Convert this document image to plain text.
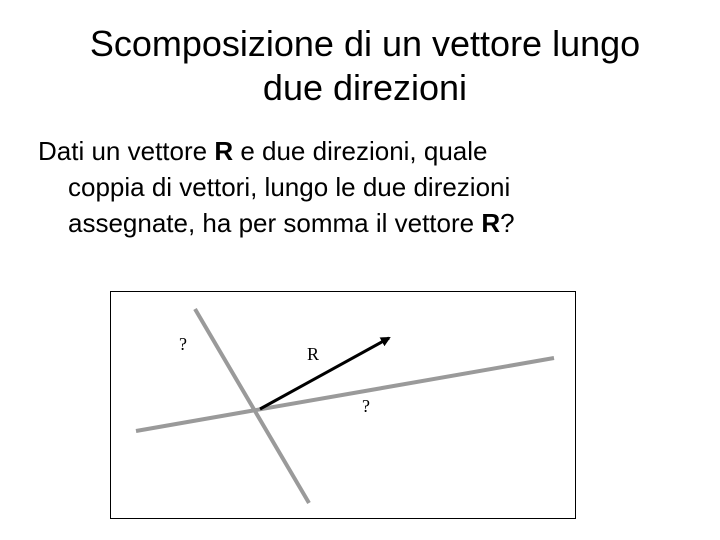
Scomposizione di un vettore lungo
due direzioni

Dati un vettore R e due direzioni, quale
coppia di vettori, lungo le due direzioni
assegnate, ha per somma il vettore R?

?	R
?
